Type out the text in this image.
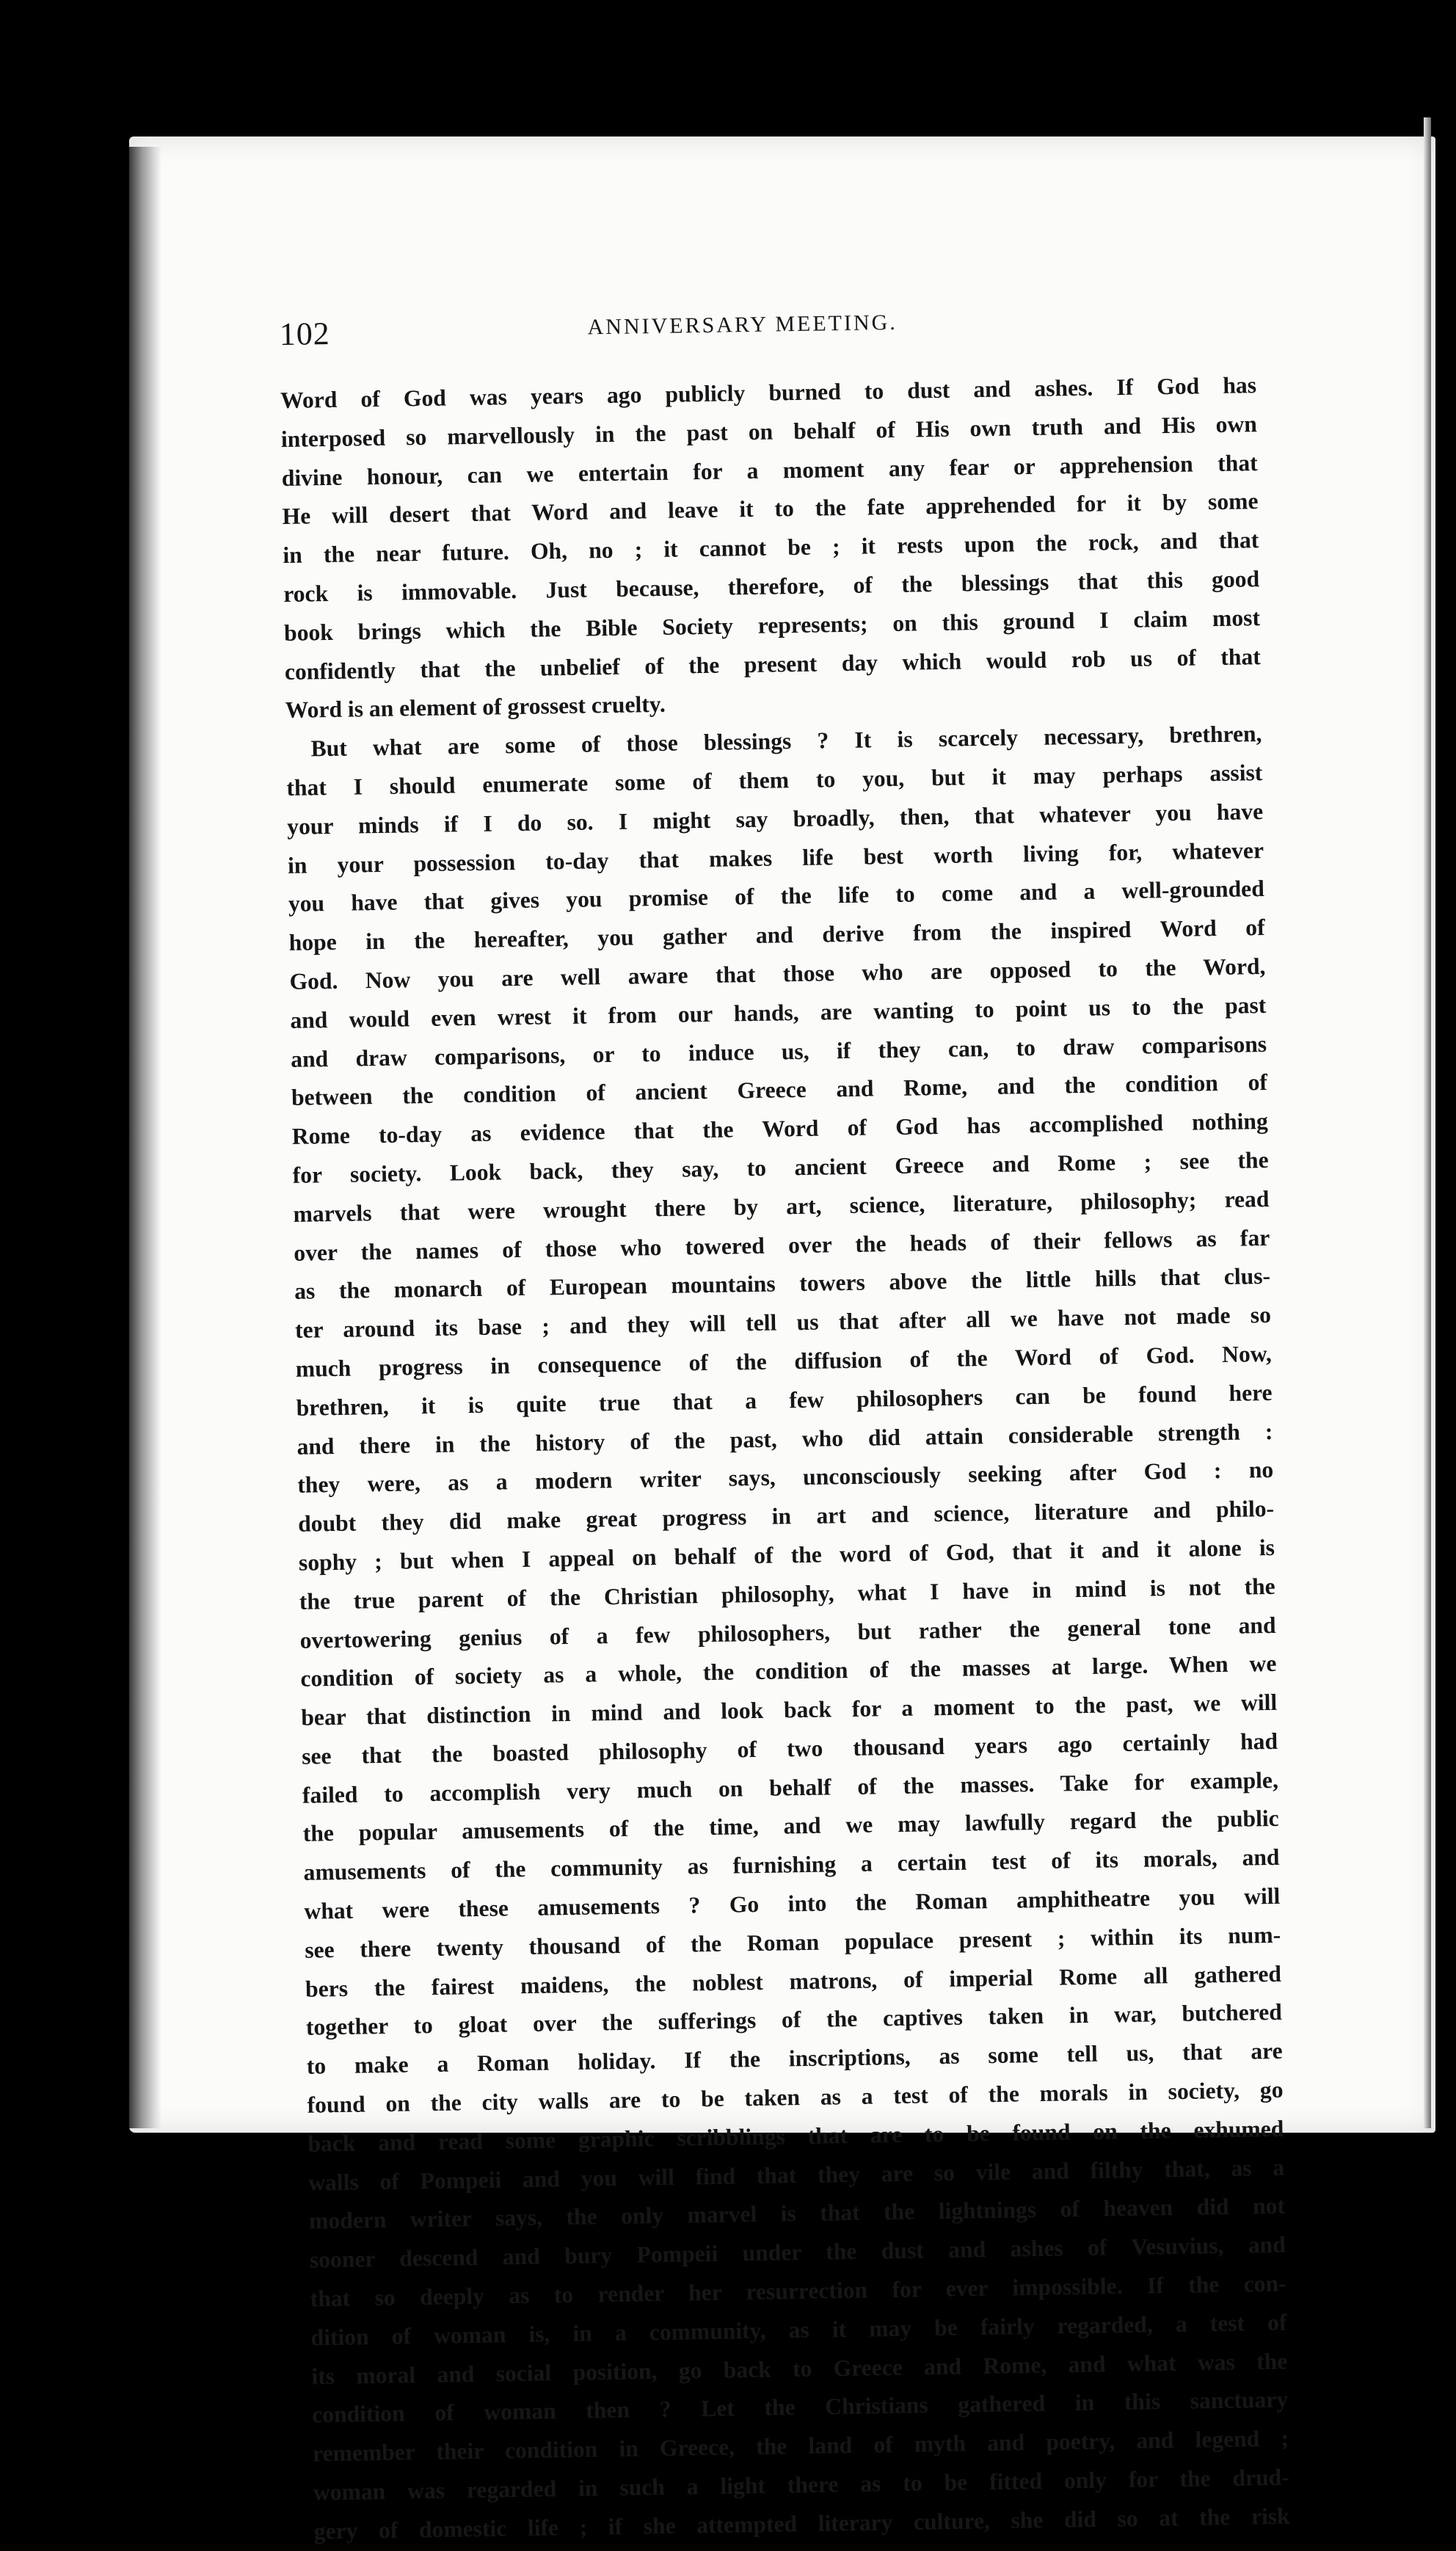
102	ANNIVERSARY MEETING.
Word of God was years ago publicly burned to dust and ashes. If God has
interposed so marvellously in the past on behalf of His own truth and His own
divine honour, can we entertain for a moment any fear or apprehension that
He will desert that Word and leave it to the fate apprehended for it by some
in the near future. Oh, no ; it cannot be ; it rests upon the rock, and that
rock is immovable. Just because, therefore, of the blessings that this good
book brings which the Bible Society represents; on this ground I claim most
confidently that the unbelief of the present day which would rob us of that
Word is an element of grossest cruelty.
But what are some of those blessings ? It is scarcely necessary, brethren,
that I should enumerate some of them to you, but it may perhaps assist
your minds if I do so. I might say broadly, then, that whatever you have
in your possession to-day that makes life best worth living for, whatever
you have that gives you promise of the life to come and a well-grounded
hope in the hereafter, you gather and derive from the inspired Word of
God. Now you are well aware that those who are opposed to the Word,
and would even wrest it from our hands, are wanting to point us to the past
and draw comparisons, or to induce us, if they can, to draw comparisons
between the condition of ancient Greece and Rome, and the condition of
Rome to-day as evidence that the Word of God has accomplished nothing
for society. Look back, they say, to ancient Greece and Rome ; see the
marvels that were wrought there by art, science, literature, philosophy; read
over the names of those who towered over the heads of their fellows as far
as the monarch of European mountains towers above the little hills that clus-
ter around its base ; and they will tell us that after all we have not made so
much progress in consequence of the diffusion of the Word of God. Now,
brethren, it is quite true that a few philosophers can be found here
and there in the history of the past, who did attain considerable strength :
they were, as a modern writer says, unconsciously seeking after God : no
doubt they did make great progress in art and science, literature and philo-
sophy ; but when I appeal on behalf of the word of God, that it and it alone is
the true parent of the Christian philosophy, what I have in mind is not the
overtowering genius of a few philosophers, but rather the general tone and
condition of society as a whole, the condition of the masses at large. When we
bear that distinction in mind and look back for a moment to the past, we will
see that the boasted philosophy of two thousand years ago certainly had
failed to accomplish very much on behalf of the masses. Take for example,
the popular amusements of the time, and we may lawfully regard the public
amusements of the community as furnishing a certain test of its morals, and
what were these amusements ? Go into the Roman amphitheatre you will
see there twenty thousand of the Roman populace present ; within its num-
bers the fairest maidens, the noblest matrons, of imperial Rome all gathered
together to gloat over the sufferings of the captives taken in war, butchered
to make a Roman holiday. If the inscriptions, as some tell us, that are
found on the city walls are to be taken as a test of the morals in society, go
back and read some graphic scribblings that are to be found on the exhumed
walls of Pompeii and you will find that they are so vile and filthy that, as a
modern writer says, the only marvel is that the lightnings of heaven did not
sooner descend and bury Pompeii under the dust and ashes of Vesuvius, and
that so deeply as to render her resurrection for ever impossible. If the con-
dition of woman is, in a community, as it may be fairly regarded, a test of
its moral and social position, go back to Greece and Rome, and what was the
condition of woman then ? Let the Christians gathered in this sanctuary
remember their condition in Greece, the land of myth and poetry, and legend ;
woman was regarded in such a light there as to be fitted only for the drud-
gery of domestic life ; if she attempted literary culture, she did so at the risk
